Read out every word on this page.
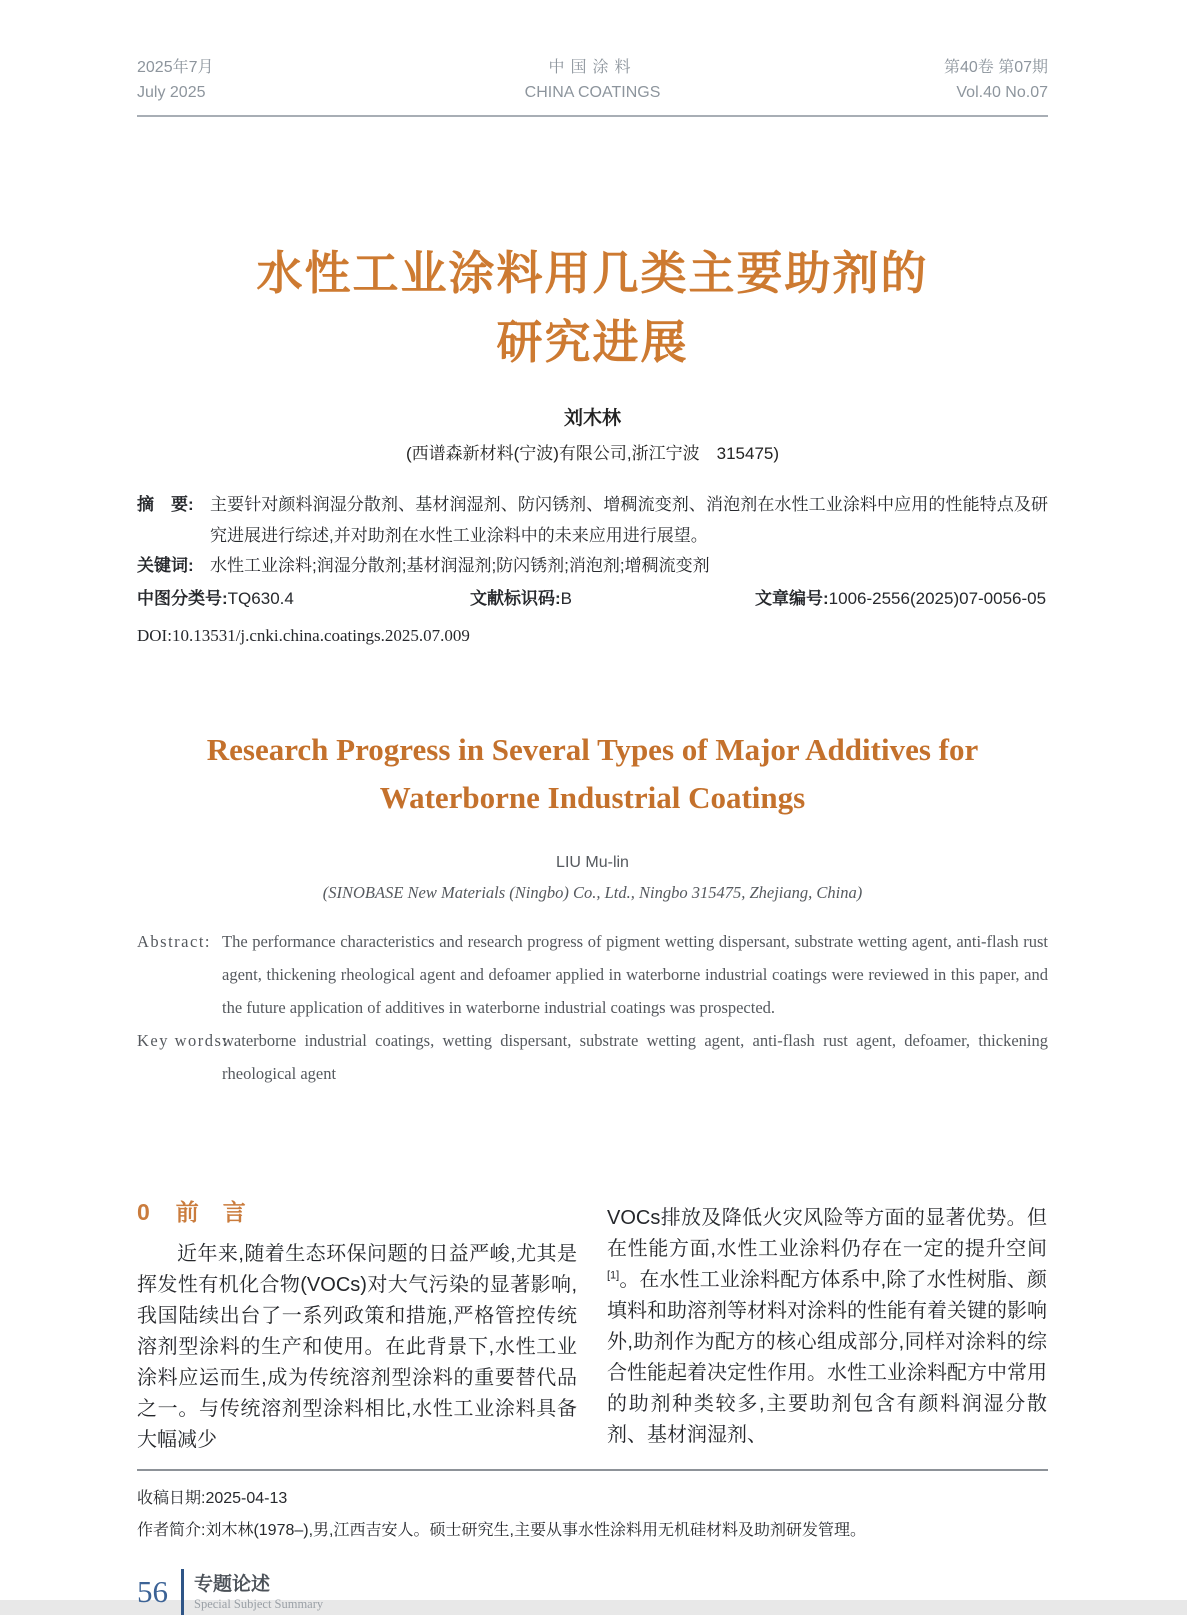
2025年7月
July 2025
中国涂料
CHINA COATINGS
第40卷 第07期
Vol.40 No.07
水性工业涂料用几类主要助剂的
研究进展
刘木林
(西谱森新材料(宁波)有限公司,浙江宁波　315475)
摘　要: 主要针对颜料润湿分散剂、基材润湿剂、防闪锈剂、增稠流变剂、消泡剂在水性工业涂料中应用的性能特点及研究进展进行综述,并对助剂在水性工业涂料中的未来应用进行展望。
关键词: 水性工业涂料;润湿分散剂;基材润湿剂;防闪锈剂;消泡剂;增稠流变剂
中图分类号:TQ630.4	文献标识码:B	文章编号:1006-2556(2025)07-0056-05
DOI:10.13531/j.cnki.china.coatings.2025.07.009
Research Progress in Several Types of Major Additives for
Waterborne Industrial Coatings
LIU Mu-lin
(SINOBASE New Materials (Ningbo) Co., Ltd., Ningbo 315475, Zhejiang, China)
Abstract: The performance characteristics and research progress of pigment wetting dispersant, substrate wetting agent, anti-flash rust agent, thickening rheological agent and defoamer applied in waterborne industrial coatings were reviewed in this paper, and the future application of additives in waterborne industrial coatings was prospected.
Key words:
waterborne industrial coatings, wetting dispersant, substrate wetting agent, anti-flash rust agent, defoamer, thickening rheological agent
0 前言

近年来,随着生态环保问题的日益严峻,尤其是挥发性有机化合物(VOCs)对大气污染的显著影响,我国陆续出台了一系列政策和措施,严格管控传统溶剂型涂料的生产和使用。在此背景下,水性工业涂料应运而生,成为传统溶剂型涂料的重要替代品之一。与传统溶剂型涂料相比,水性工业涂料具备大幅减少

VOCs排放及降低火灾风险等方面的显著优势。但在性能方面,水性工业涂料仍存在一定的提升空间[1]。在水性工业涂料配方体系中,除了水性树脂、颜填料和助溶剂等材料对涂料的性能有着关键的影响外,助剂作为配方的核心组成部分,同样对涂料的综合性能起着决定性作用。水性工业涂料配方中常用的助剂种类较多,主要助剂包含有颜料润湿分散剂、基材润湿剂、

收稿日期:2025-04-13
作者简介:刘木林(1978–),男,江西吉安人。硕士研究生,主要从事水性涂料用无机硅材料及助剂研发管理。
56 专题论述
Special Subject Summary
